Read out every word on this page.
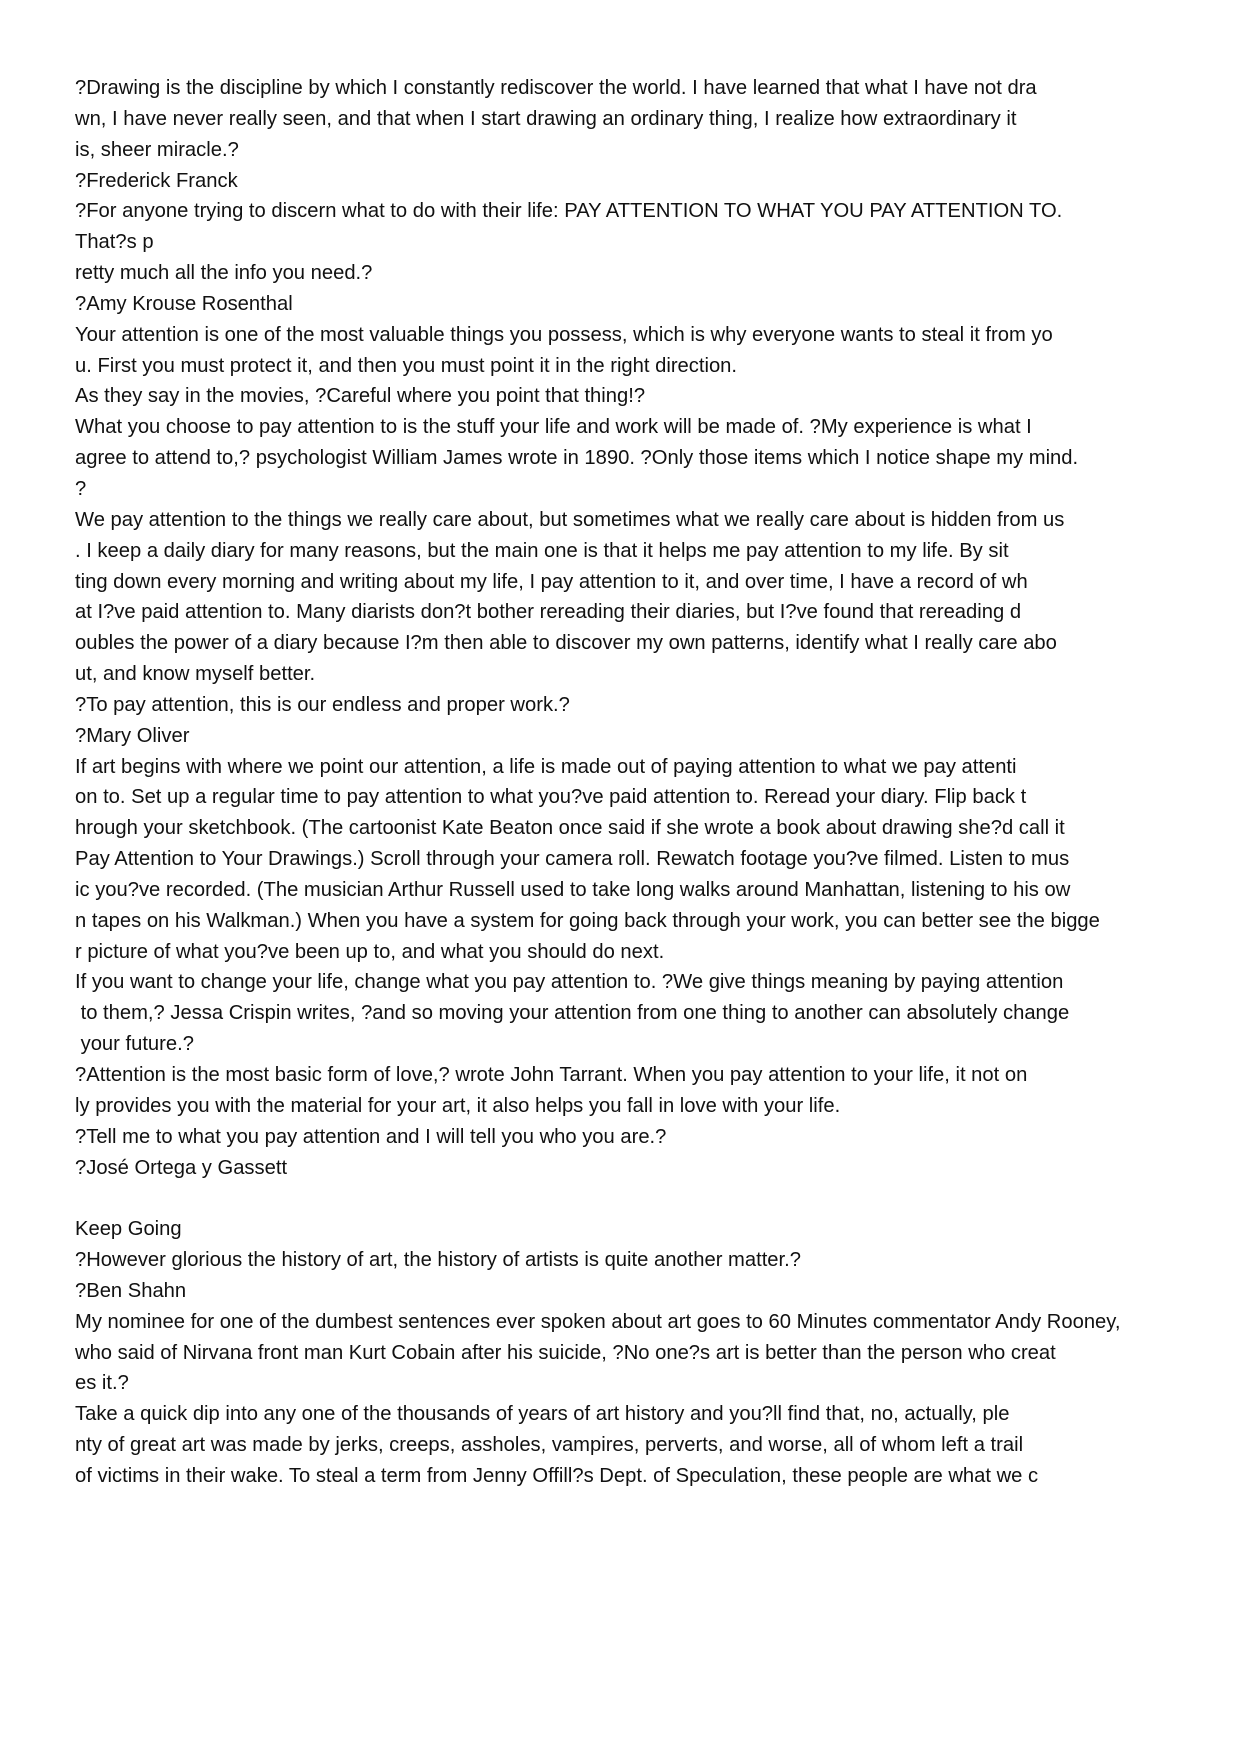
?Drawing is the discipline by which I constantly rediscover the world. I have learned that what I have not dra

wn, I have never really seen, and that when I start drawing an ordinary thing, I realize how extraordinary it

is, sheer miracle.?

?Frederick Franck

?For anyone trying to discern what to do with their life: PAY ATTENTION TO WHAT YOU PAY ATTENTION TO.

That?s p

retty much all the info you need.?

?Amy Krouse Rosenthal

Your attention is one of the most valuable things you possess, which is why everyone wants to steal it from yo

u. First you must protect it, and then you must point it in the right direction.

As they say in the movies, ?Careful where you point that thing!?

What you choose to pay attention to is the stuff your life and work will be made of. ?My experience is what I

agree to attend to,? psychologist William James wrote in 1890. ?Only those items which I notice shape my mind.

?

We pay attention to the things we really care about, but sometimes what we really care about is hidden from us

. I keep a daily diary for many reasons, but the main one is that it helps me pay attention to my life. By sit

ting down every morning and writing about my life, I pay attention to it, and over time, I have a record of wh

at I?ve paid attention to. Many diarists don?t bother rereading their diaries, but I?ve found that rereading d

oubles the power of a diary because I?m then able to discover my own patterns, identify what I really care abo

ut, and know myself better.

?To pay attention, this is our endless and proper work.?

?Mary Oliver

If art begins with where we point our attention, a life is made out of paying attention to what we pay attenti

on to. Set up a regular time to pay attention to what you?ve paid attention to. Reread your diary. Flip back t

hrough your sketchbook. (The cartoonist Kate Beaton once said if she wrote a book about drawing she?d call it

Pay Attention to Your Drawings.) Scroll through your camera roll. Rewatch footage you?ve filmed. Listen to mus

ic you?ve recorded. (The musician Arthur Russell used to take long walks around Manhattan, listening to his ow

n tapes on his Walkman.) When you have a system for going back through your work, you can better see the bigge

r picture of what you?ve been up to, and what you should do next.

If you want to change your life, change what you pay attention to. ?We give things meaning by paying attention

to them,? Jessa Crispin writes, ?and so moving your attention from one thing to another can absolutely change

your future.?

?Attention is the most basic form of love,? wrote John Tarrant. When you pay attention to your life, it not on

ly provides you with the material for your art, it also helps you fall in love with your life.

?Tell me to what you pay attention and I will tell you who you are.?

?José Ortega y Gassett

Keep Going

?However glorious the history of art, the history of artists is quite another matter.?

?Ben Shahn

My nominee for one of the dumbest sentences ever spoken about art goes to 60 Minutes commentator Andy Rooney,

who said of Nirvana front man Kurt Cobain after his suicide, ?No one?s art is better than the person who creat

es it.?

Take a quick dip into any one of the thousands of years of art history and you?ll find that, no, actually, ple

nty of great art was made by jerks, creeps, assholes, vampires, perverts, and worse, all of whom left a trail

of victims in their wake. To steal a term from Jenny Offill?s Dept. of Speculation, these people are what we c
